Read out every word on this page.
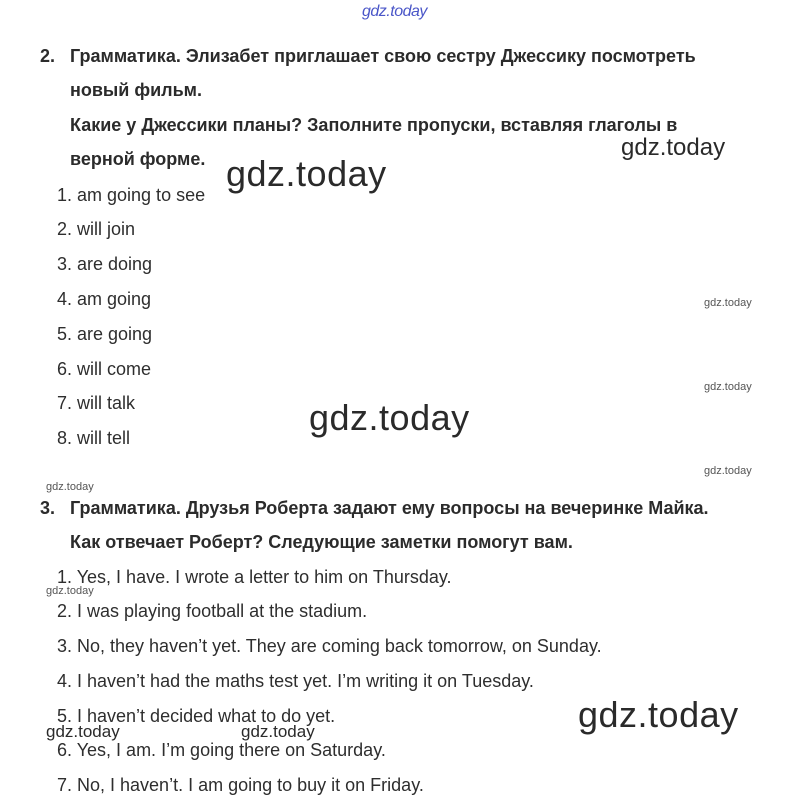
gdz.today
2. Грамматика. Элизабет приглашает свою сестру Джессику посмотреть
новый фильм.
Какие у Джессики планы? Заполните пропуски, вставляя глаголы в
верной форме.
1. am going to see
2. will join
3. are doing
4. am going
5. are going
6. will come
7. will talk
8. will tell
3. Грамматика. Друзья Роберта задают ему вопросы на вечеринке Майка.
Как отвечает Роберт? Следующие заметки помогут вам.
1. Yes, I have. I wrote a letter to him on Thursday.
2. I was playing football at the stadium.
3. No, they haven’t yet. They are coming back tomorrow, on Sunday.
4. I haven’t had the maths test yet. I’m writing it on Tuesday.
5. I haven’t decided what to do yet.
6. Yes, I am. I’m going there on Saturday.
7. No, I haven’t. I am going to buy it on Friday.
gdz.today
gdz.today
gdz.today
gdz.today
gdz.today
gdz.today
gdz.today
gdz.today
gdz.today
gdz.today	gdz.today
